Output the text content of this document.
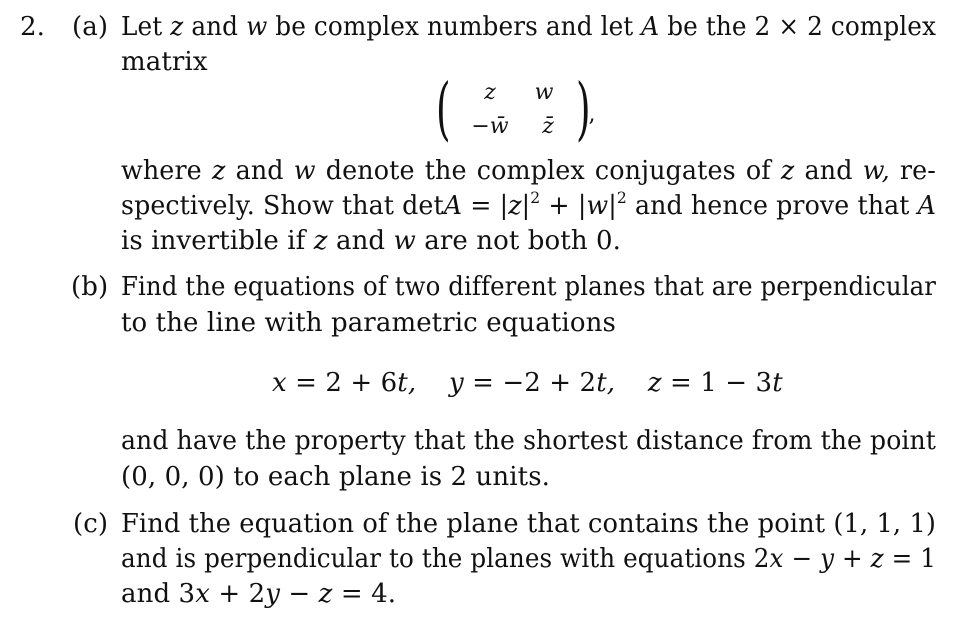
2. (a) Let z and w be complex numbers and let A be the 2 × 2 complex
matrix
(	z	w
−w̄	z̄ )
,
where z and w denote the complex conjugates of z and w, re-
spectively. Show that $\det A = |z|^2 + |w|^2$ and hence prove that A
is invertible if z and w are not both 0.
(b) Find the equations of two different planes that are perpendicular
to the line with parametric equations
x = 2 + 6t, y = −2 + 2t, z = 1 − 3t
and have the property that the shortest distance from the point
(0, 0, 0) to each plane is 2 units.
(c) Find the equation of the plane that contains the point (1, 1, 1)
and is perpendicular to the planes with equations 2x − y + z = 1
and 3x + 2y − z = 4.
